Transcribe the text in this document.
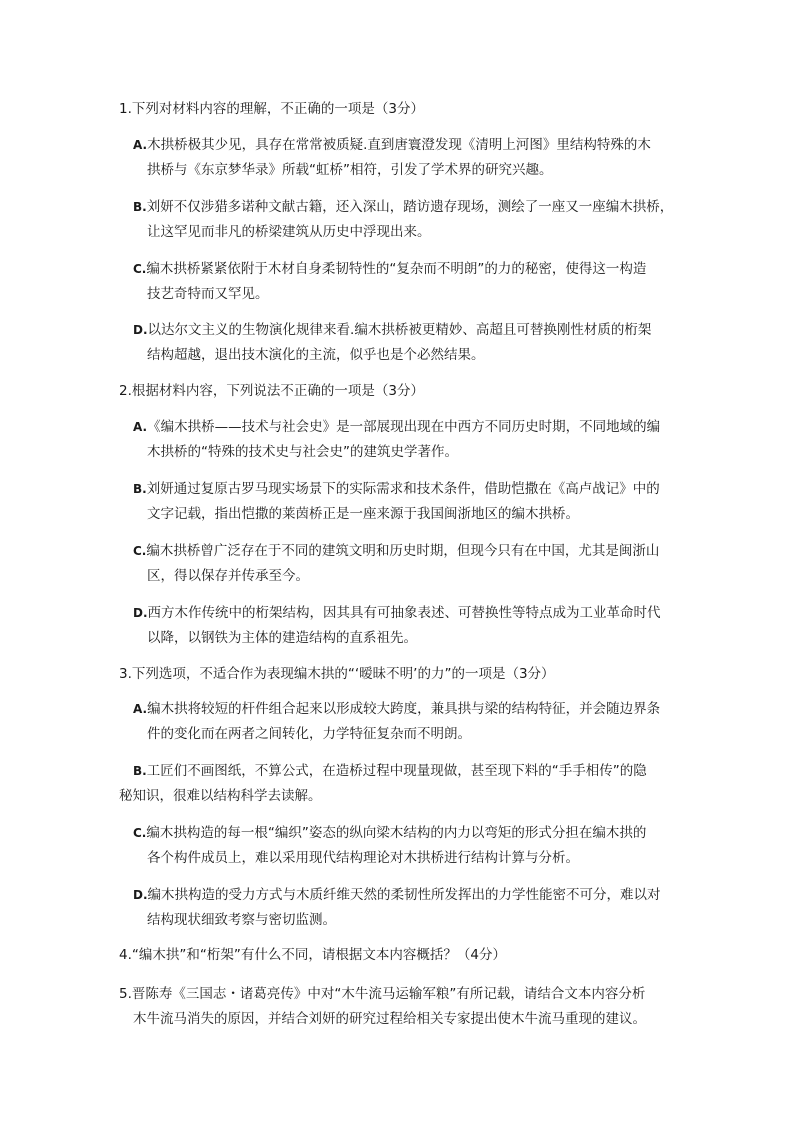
1.下列对材料内容的理解，不正确的一项是（3分）
A.木拱桥极其少见，具存在常常被质疑.直到唐寰澄发现《清明上河图》里结构特殊的木
拱桥与《东京梦华录》所载“虹桥”相符，引发了学术界的研究兴趣。
B.刘妍不仅涉猎多诺种文献古籍，还入深山，踏访遗存现场，测绘了一座又一座编木拱桥，
让这罕见而非凡的桥梁建筑从历史中浮现出来。
C.编木拱桥紧紧依附于木材自身柔韧特性的“复杂而不明朗”的力的秘密，使得这一构造
技艺奇特而又罕见。
D.以达尔文主义的生物演化规律来看.编木拱桥被更精妙、高超且可替换刚性材质的桁架
结构超越，退出技木演化的主流，似乎也是个必然结果。
2.根据材料内容，下列说法不正确的一项是（3分）
A.《编木拱桥——技术与社会史》是一部展现出现在中西方不同历史时期，不同地域的编
木拱桥的“特殊的技术史与社会史”的建筑史学著作。
B.刘妍通过复原古罗马现实场景下的实际需求和技术条件，借助恺撒在《高卢战记》中的
文字记载，指出恺撒的莱茵桥正是一座来源于我国闽浙地区的编木拱桥。
C.编木拱桥曾广泛存在于不同的建筑文明和历史时期，但现今只有在中国，尤其是闽浙山
区，得以保存并传承至今。
D.西方木作传统中的桁架结构，因其具有可抽象表述、可替换性等特点成为工业革命时代
以降，以钢铁为主体的建造结构的直系祖先。
3.下列选项，不适合作为表现编木拱的“‘暧昧不明’的力”的一项是（3分）
A.编木拱将较短的杆件组合起来以形成较大跨度，兼具拱与梁的结构特征，并会随边界条
件的变化而在两者之间转化，力学特征复杂而不明朗。
B.工匠们不画图纸，不算公式，在造桥过程中现量现做，甚至现下料的“手手相传”的隐
秘知识，很难以结构科学去读解。
C.编木拱构造的每一根“编织”姿态的纵向梁木结构的内力以弯矩的形式分担在编木拱的
各个构件成员上，难以采用现代结构理论对木拱桥进行结构计算与分析。
D.编木拱构造的受力方式与木质纤维天然的柔韧性所发挥出的力学性能密不可分，难以对
结构现状细致考察与密切监测。
4.“编木拱”和“桁架”有什么不同，请根据文本内容概括？（4分）
5.晋陈寿《三国志・诸葛亮传》中对“木牛流马运输军粮”有所记载，请结合文本内容分析
木牛流马消失的原因，并结合刘妍的研究过程给相关专家提出使木牛流马重现的建议。
